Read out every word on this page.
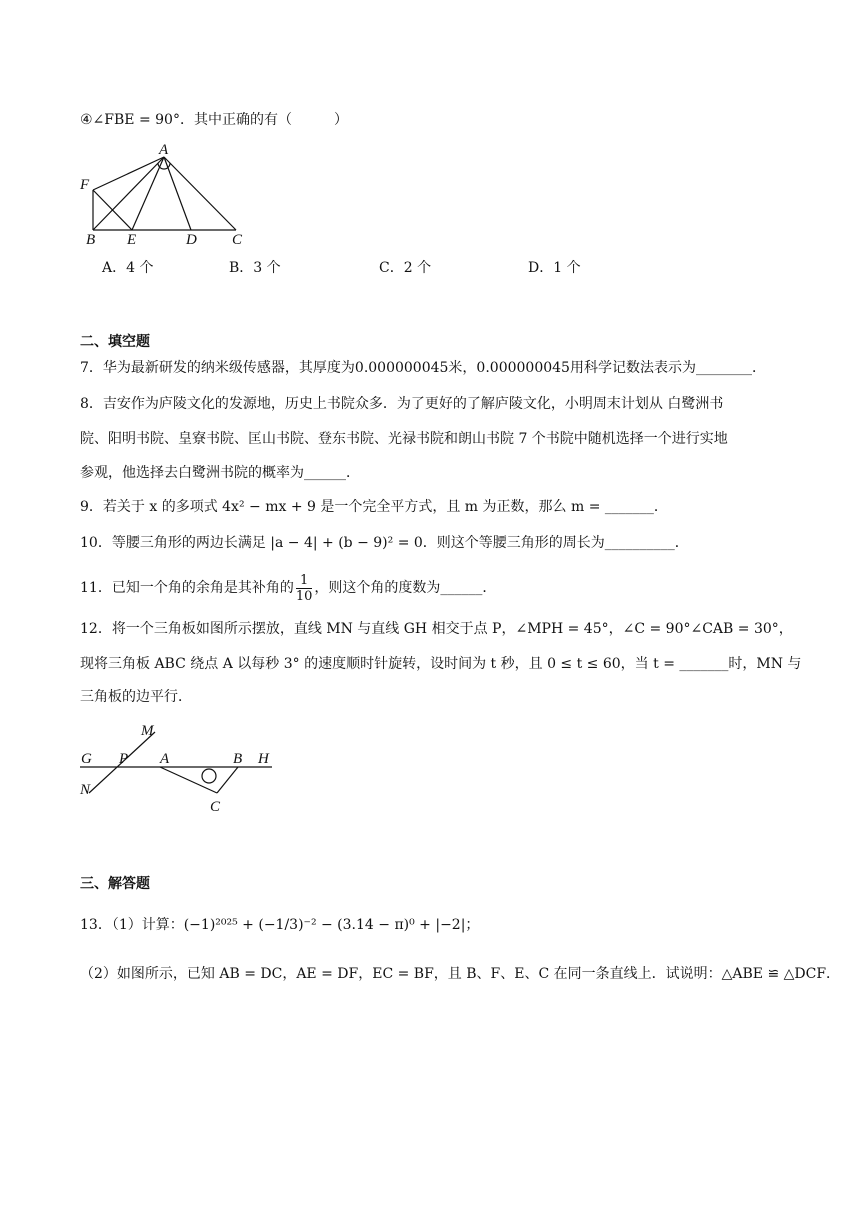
④∠FBE = 90°．其中正确的有（　　　）
A
F
B E	D C
A．4 个	B．3 个	C．2 个	D．1 个
二、填空题
7．华为最新研发的纳米级传感器，其厚度为0.000000045米，0.000000045用科学记数法表示为________．
8．吉安作为庐陵文化的发源地，历史上书院众多．为了更好的了解庐陵文化，小明周末计划从 白鹭洲书
院、阳明书院、皇寮书院、匡山书院、登东书院、光禄书院和朗山书院 7 个书院中随机选择一个进行实地
参观，他选择去白鹭洲书院的概率为______．
9．若关于 x 的多项式 4x² − mx + 9 是一个完全平方式，且 m 为正数，那么 m = _______．
10．等腰三角形的两边长满足 |a − 4| + (b − 9)² = 0．则这个等腰三角形的周长为__________．
11．已知一个角的余角是其补角的 $\frac{1}{10}$ ，则这个角的度数为______．
12．将一个三角板如图所示摆放，直线 MN 与直线 GH 相交于点 P，∠MPH = 45°，∠C = 90°∠CAB = 30°，
现将三角板 ABC 绕点 A 以每秒 3° 的速度顺时针旋转，设时间为 t 秒，且 0 ≤ t ≤ 60，当 t = _______时，MN 与
三角板的边平行．
M
G P A	B H
N
C
三、解答题
13．（1）计算：(−1)²⁰²⁵ + (−1/3)⁻² − (3.14 − π)⁰ + |−2|；
（2）如图所示，已知 AB = DC，AE = DF，EC = BF，且 B、F、E、C 在同一条直线上．试说明：△ABE ≌ △DCF．
